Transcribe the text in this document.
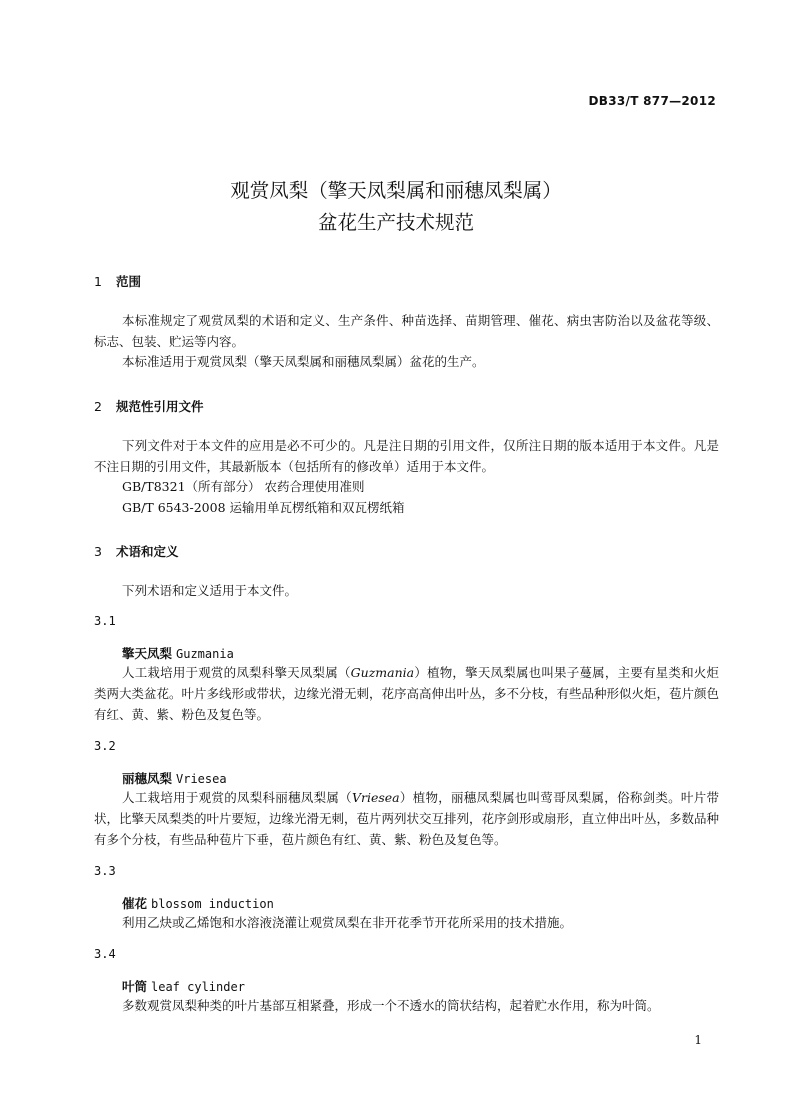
DB33/T 877—2012
观赏凤梨（擎天凤梨属和丽穗凤梨属）
盆花生产技术规范
1 范围
本标准规定了观赏凤梨的术语和定义、生产条件、种苗选择、苗期管理、催花、病虫害防治以及盆花等级、标志、包装、贮运等内容。
本标准适用于观赏凤梨（擎天凤梨属和丽穗凤梨属）盆花的生产。
2 规范性引用文件
下列文件对于本文件的应用是必不可少的。凡是注日期的引用文件，仅所注日期的版本适用于本文件。凡是不注日期的引用文件，其最新版本（包括所有的修改单）适用于本文件。
GB/T8321（所有部分） 农药合理使用准则
GB/T 6543-2008 运输用单瓦楞纸箱和双瓦楞纸箱
3 术语和定义
下列术语和定义适用于本文件。
3.1
擎天凤梨 Guzmania
人工栽培用于观赏的凤梨科擎天凤梨属（Guzmania）植物，擎天凤梨属也叫果子蔓属，主要有星类和火炬类两大类盆花。叶片多线形或带状，边缘光滑无刺，花序高高伸出叶丛，多不分枝，有些品种形似火炬，苞片颜色有红、黄、紫、粉色及复色等。
3.2
丽穗凤梨 Vriesea
人工栽培用于观赏的凤梨科丽穗凤梨属（Vriesea）植物，丽穗凤梨属也叫莺哥凤梨属，俗称剑类。叶片带状，比擎天凤梨类的叶片要短，边缘光滑无刺，苞片两列状交互排列，花序剑形或扇形，直立伸出叶丛，多数品种有多个分枝，有些品种苞片下垂，苞片颜色有红、黄、紫、粉色及复色等。
3.3
催花 blossom induction
利用乙炔或乙烯饱和水溶液浇灌让观赏凤梨在非开花季节开花所采用的技术措施。
3.4
叶筒 leaf cylinder
多数观赏凤梨种类的叶片基部互相紧叠，形成一个不透水的筒状结构，起着贮水作用，称为叶筒。
1
